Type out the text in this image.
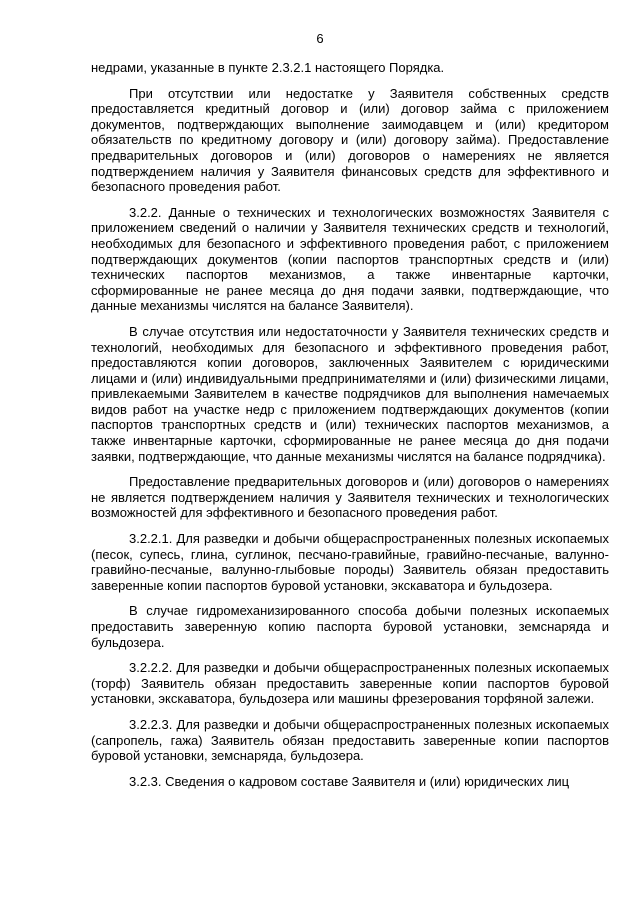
6

недрами, указанные в пункте 2.3.2.1 настоящего Порядка.

При отсутствии или недостатке у Заявителя собственных средств предоставляется кредитный договор и (или) договор займа с приложением документов, подтверждающих выполнение заимодавцем и (или) кредитором обязательств по кредитному договору и (или) договору займа). Предоставление предварительных договоров и (или) договоров о намерениях не является подтверждением наличия у Заявителя финансовых средств для эффективного и безопасного проведения работ.

3.2.2. Данные о технических и технологических возможностях Заявителя с приложением сведений о наличии у Заявителя технических средств и технологий, необходимых для безопасного и эффективного проведения работ, с приложением подтверждающих документов (копии паспортов транспортных средств и (или) технических паспортов механизмов, а также инвентарные карточки, сформированные не ранее месяца до дня подачи заявки, подтверждающие, что данные механизмы числятся на балансе Заявителя).

В случае отсутствия или недостаточности у Заявителя технических средств и технологий, необходимых для безопасного и эффективного проведения работ, предоставляются копии договоров, заключенных Заявителем с юридическими лицами и (или) индивидуальными предпринимателями и (или) физическими лицами, привлекаемыми Заявителем в качестве подрядчиков для выполнения намечаемых видов работ на участке недр с приложением подтверждающих документов (копии паспортов транспортных средств и (или) технических паспортов механизмов, а также инвентарные карточки, сформированные не ранее месяца до дня подачи заявки, подтверждающие, что данные механизмы числятся на балансе подрядчика).

Предоставление предварительных договоров и (или) договоров о намерениях не является подтверждением наличия у Заявителя технических и технологических возможностей для эффективного и безопасного проведения работ.

3.2.2.1. Для разведки и добычи общераспространенных полезных ископаемых (песок, супесь, глина, суглинок, песчано-гравийные, гравийно-песчаные, валунно-гравийно-песчаные, валунно-глыбовые породы) Заявитель обязан предоставить заверенные копии паспортов буровой установки, экскаватора и бульдозера.

В случае гидромеханизированного способа добычи полезных ископаемых предоставить заверенную копию паспорта буровой установки, земснаряда и бульдозера.

3.2.2.2. Для разведки и добычи общераспространенных полезных ископаемых (торф) Заявитель обязан предоставить заверенные копии паспортов буровой установки, экскаватора, бульдозера или машины фрезерования торфяной залежи.

3.2.2.3. Для разведки и добычи общераспространенных полезных ископаемых (сапропель, гажа) Заявитель обязан предоставить заверенные копии паспортов буровой установки, земснаряда, бульдозера.

3.2.3. Сведения о кадровом составе Заявителя и (или) юридических лиц
